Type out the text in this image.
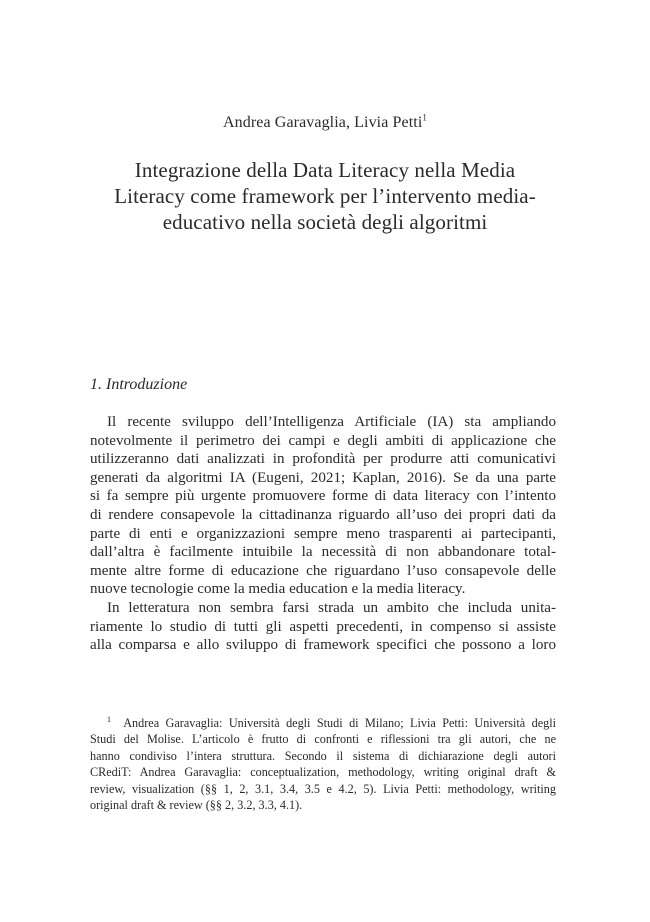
Andrea Garavaglia, Livia Petti$^1$
Integrazione della Data Literacy nella Media
Literacy come framework per l’intervento media-
educativo nella società degli algoritmi
1. Introduzione
Il recente sviluppo dell’Intelligenza Artificiale (IA) sta ampliando
notevolmente il perimetro dei campi e degli ambiti di applicazione che
utilizzeranno dati analizzati in profondità per produrre atti comunicativi
generati da algoritmi IA (Eugeni, 2021; Kaplan, 2016). Se da una parte
si fa sempre più urgente promuovere forme di data literacy con l’intento
di rendere consapevole la cittadinanza riguardo all’uso dei propri dati da
parte di enti e organizzazioni sempre meno trasparenti ai partecipanti,
dall’altra è facilmente intuibile la necessità di non abbandonare total-
mente altre forme di educazione che riguardano l’uso consapevole delle
nuove tecnologie come la media education e la media literacy.
In letteratura non sembra farsi strada un ambito che includa unita-
riamente lo studio di tutti gli aspetti precedenti, in compenso si assiste
alla comparsa e allo sviluppo di framework specifici che possono a loro
$^1$ Andrea Garavaglia: Università degli Studi di Milano; Livia Petti: Università degli
Studi del Molise. L’articolo è frutto di confronti e riflessioni tra gli autori, che ne
hanno condiviso l’intera struttura. Secondo il sistema di dichiarazione degli autori
CRediT: Andrea Garavaglia: conceptualization, methodology, writing original draft &
review, visualization (§§ 1, 2, 3.1, 3.4, 3.5 e 4.2, 5). Livia Petti: methodology, writing
original draft & review (§§ 2, 3.2, 3.3, 4.1).
